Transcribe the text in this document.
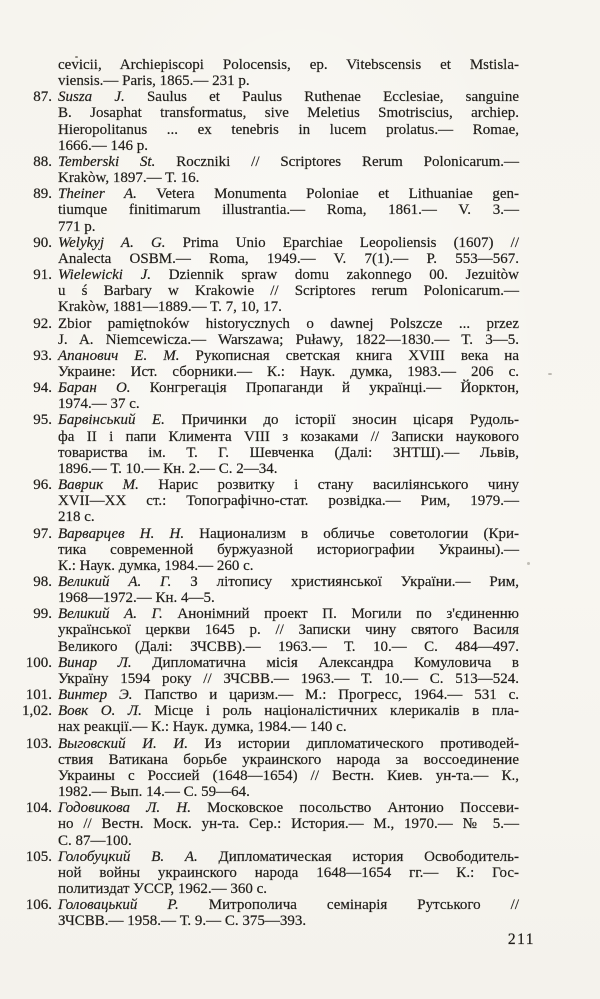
cevicii, Archiepiscopi Polocensis, ep. Vitebscensis et Mstisla-
viensis.— Paris, 1865.— 231 p.
87. Susza J. Saulus et Paulus Ruthenae Ecclesiae, sanguine
B. Josaphat transformatus, sive Meletius Smotriscius, archiep.
Hieropolitanus ... ex tenebris in lucem prolatus.— Romae,
1666.— 146 p.
88. Temberski St. Roczniki // Scriptores Rerum Polonicarum.—
Krakòw, 1897.— T. 16.
89. Theiner A. Vetera Monumenta Poloniae et Lithuaniae gen-
tiumque finitimarum illustrantia.— Roma, 1861.— V. 3.—
771 p.
90. Welykyj A. G. Prima Unio Eparchiae Leopoliensis (1607) //
Analecta OSBM.— Roma, 1949.— V. 7(1).— P. 553—567.
91. Wielewicki J. Dziennik spraw domu zakonnego 00. Jezuitòw
u ś Barbary w Krakowie // Scriptores rerum Polonicarum.—
Krakòw, 1881—1889.— T. 7, 10, 17.
92. Zbior pamiętnoków historycznych o dawnej Polszcze ... przez
J. A. Niemcewicza.— Warszawa; Puławy, 1822—1830.— T. 3—5.
93. Апанович Е. М. Рукописная светская книга XVIII века на
Украине: Ист. сборники.— К.: Наук. думка, 1983.— 206 с.
94. Баран О. Конгрегація Пропаганди й українці.— Йорктон,
1974.— 37 с.
95. Барвінський Е. Причинки до історії зносин цісаря Рудоль-
фа II і папи Климента VIII з козаками // Записки наукового
товариства ім. Т. Г. Шевченка (Далі: ЗНТШ).— Львів,
1896.— Т. 10.— Кн. 2.— С. 2—34.
96. Ваврик М. Нарис розвитку і стану василіянського чину
XVII—XX ст.: Топографічно-стат. розвідка.— Рим, 1979.—
218 с.
97. Варварцев Н. Н. Национализм в обличье советологии (Кри-
тика современной буржуазной историографии Украины).—
К.: Наук. думка, 1984.— 260 с.
98. Великий А. Г. З літопису християнської України.— Рим,
1968—1972.— Кн. 4—5.
99. Великий А. Г. Анонімний проект П. Могили по з'єдиненню
української церкви 1645 р. // Записки чину святого Василя
Великого (Далі: ЗЧСВВ).— 1963.— Т. 10.— С. 484—497.
100. Винар Л. Дипломатична місія Александра Комуловича в
Україну 1594 року // ЗЧСВВ.— 1963.— Т. 10.— С. 513—524.
101. Винтер Э. Папство и царизм.— М.: Прогресс, 1964.— 531 с.
1,02. Вовк О. Л. Місце і роль націоналістичних клерикалів в пла-
нах реакції.— К.: Наук. думка, 1984.— 140 с.
103. Выговский И. И. Из истории дипломатического противодей-
ствия Ватикана борьбе украинского народа за воссоединение
Украины с Россией (1648—1654) // Вестн. Киев. ун-та.— К.,
1982.— Вып. 14.— С. 59—64.
104. Годовикова Л. Н. Московское посольство Антонио Поссеви-
но // Вестн. Моск. ун-та. Сер.: История.— М., 1970.— № 5.—
С. 87—100.
105. Голобуцкий В. А. Дипломатическая история Освободитель-
ной войны украинского народа 1648—1654 гг.— К.: Гос-
политиздат УССР, 1962.— 360 с.
106. Головацький Р. Митрополича семінарія Рутського //
ЗЧСВВ.— 1958.— Т. 9.— С. 375—393.
211
